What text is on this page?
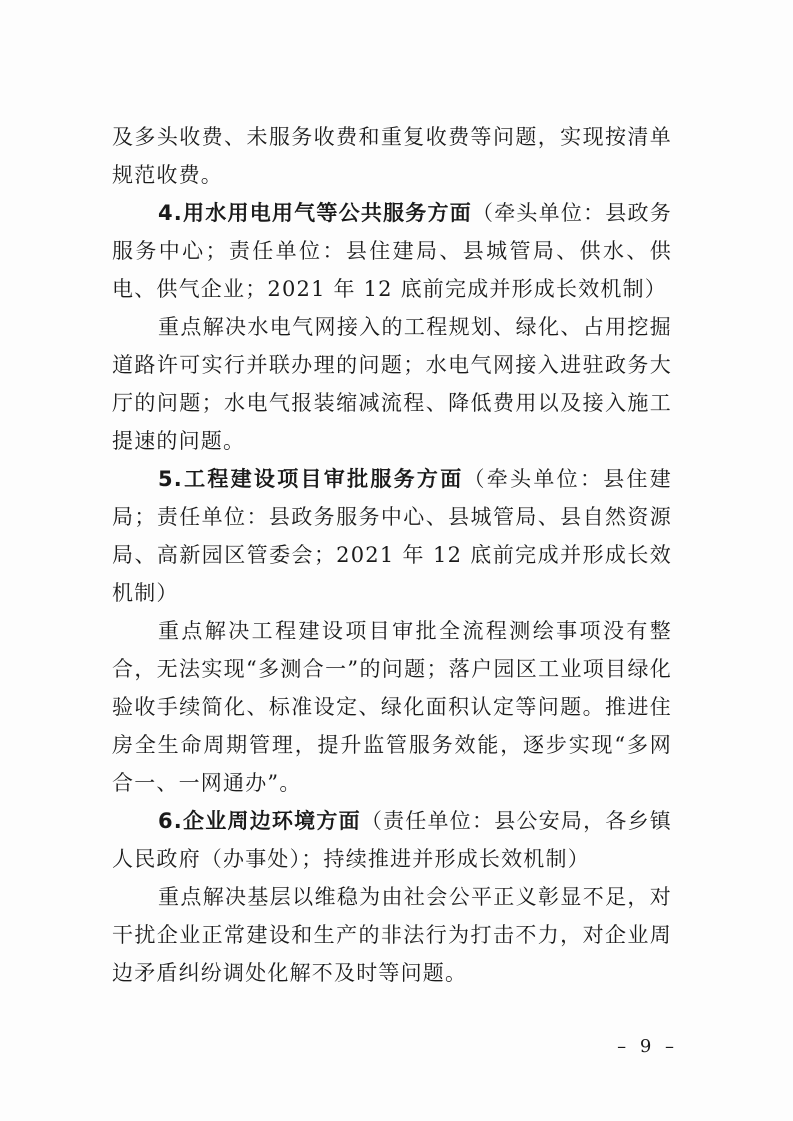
及多头收费、未服务收费和重复收费等问题，实现按清单规范收费。

4.用水用电用气等公共服务方面（牵头单位：县政务服务中心；责任单位：县住建局、县城管局、供水、供电、供气企业；2021 年 12 底前完成并形成长效机制）

重点解决水电气网接入的工程规划、绿化、占用挖掘道路许可实行并联办理的问题；水电气网接入进驻政务大厅的问题；水电气报装缩减流程、降低费用以及接入施工提速的问题。

5.工程建设项目审批服务方面（牵头单位：县住建局；责任单位：县政务服务中心、县城管局、县自然资源局、高新园区管委会；2021 年 12 底前完成并形成长效机制）

重点解决工程建设项目审批全流程测绘事项没有整合，无法实现“多测合一”的问题；落户园区工业项目绿化验收手续简化、标准设定、绿化面积认定等问题。推进住房全生命周期管理，提升监管服务效能，逐步实现“多网合一、一网通办”。

6.企业周边环境方面（责任单位：县公安局，各乡镇人民政府（办事处）；持续推进并形成长效机制）

重点解决基层以维稳为由社会公平正义彰显不足，对干扰企业正常建设和生产的非法行为打击不力，对企业周边矛盾纠纷调处化解不及时等问题。

– 9 –
